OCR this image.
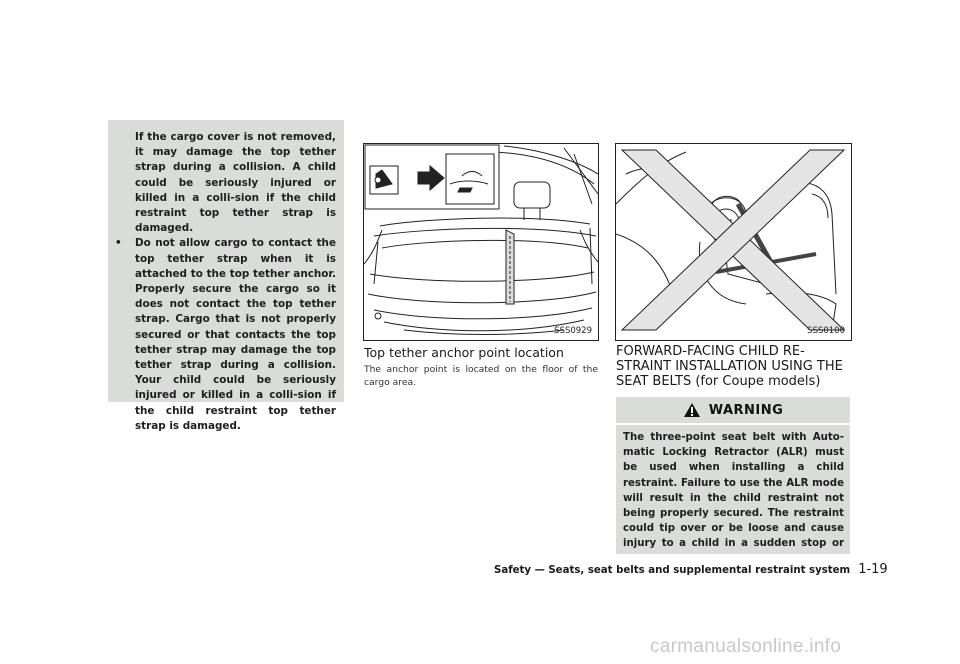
If the cargo cover is not removed, it may damage the top tether strap during a collision. A child could be seriously injured or killed in a colli-sion if the child restraint top tether strap is damaged.

• Do not allow cargo to contact the top tether strap when it is attached to the top tether anchor. Properly secure the cargo so it does not contact the top tether strap. Cargo that is not properly secured or that contacts the top tether strap may damage the top tether strap during a collision. Your child could be seriously injured or killed in a colli-sion if the child restraint top tether strap is damaged.

SSS0929	SSS0100
Top tether anchor point location
The anchor point is located on the floor of the cargo area.
FORWARD-FACING CHILD RE-
STRAINT INSTALLATION USING THE
SEAT BELTS (for Coupe models)
WARNING
The three-point seat belt with Auto-matic Locking Retractor (ALR) must be used when installing a child restraint. Failure to use the ALR mode will result in the child restraint not being properly secured. The restraint could tip over or be loose and cause injury to a child in a sudden stop or
Safety — Seats, seat belts and supplemental restraint system 1-19
carmanualsonline.info
